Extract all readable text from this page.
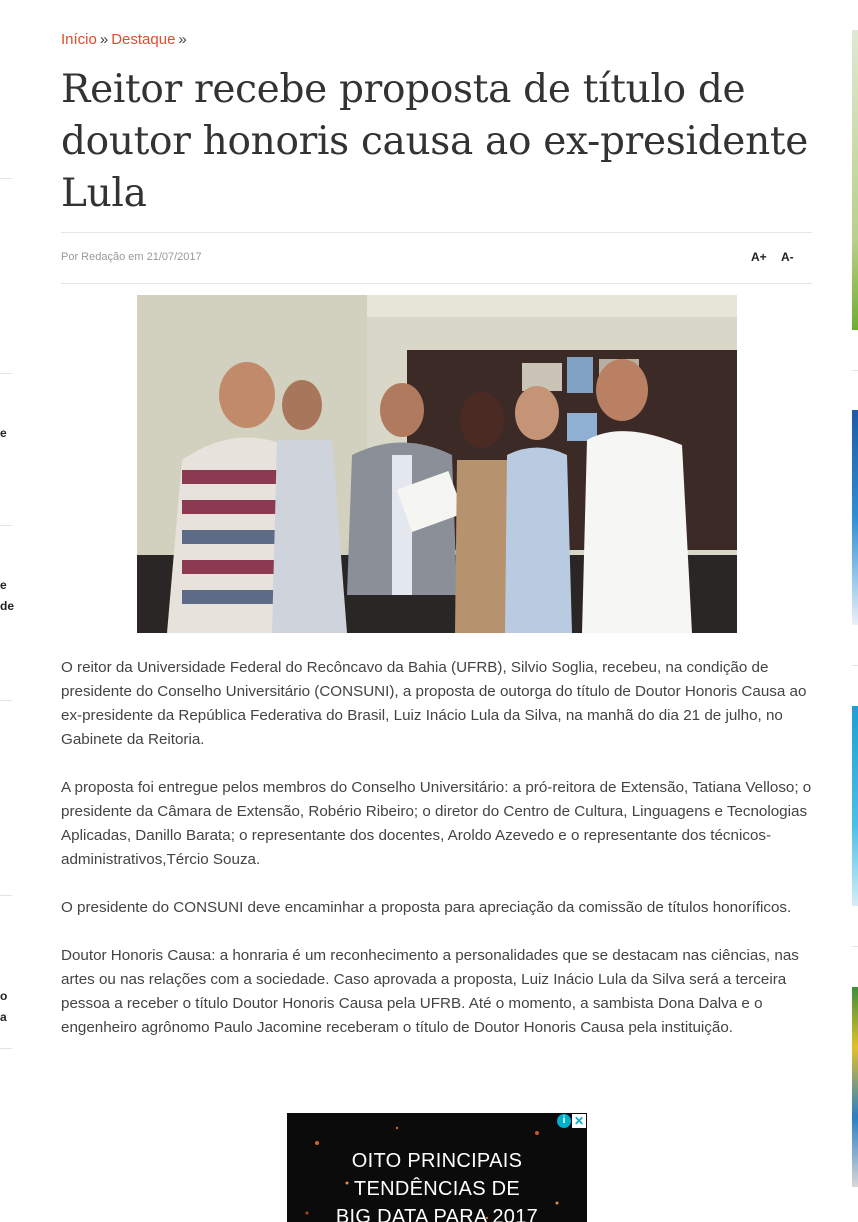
e
e
de
o
a
Início » Destaque »
Reitor recebe proposta de título de doutor honoris causa ao ex-presidente Lula
Por Redação em 21/07/2017	A+ A-

O reitor da Universidade Federal do Recôncavo da Bahia (UFRB), Silvio Soglia, recebeu, na condição de presidente do Conselho Universitário (CONSUNI), a proposta de outorga do título de Doutor Honoris Causa ao ex-presidente da República Federativa do Brasil, Luiz Inácio Lula da Silva, na manhã do dia 21 de julho, no Gabinete da Reitoria.

A proposta foi entregue pelos membros do Conselho Universitário: a pró-reitora de Extensão, Tatiana Velloso; o presidente da Câmara de Extensão, Robério Ribeiro; o diretor do Centro de Cultura, Linguagens e Tecnologias Aplicadas, Danillo Barata; o representante dos docentes, Aroldo Azevedo e o representante dos técnicos-administrativos,Tércio Souza.

O presidente do CONSUNI deve encaminhar a proposta para apreciação da comissão de títulos honoríficos.

Doutor Honoris Causa: a honraria é um reconhecimento a personalidades que se destacam nas ciências, nas artes ou nas relações com a sociedade. Caso aprovada a proposta, Luiz Inácio Lula da Silva será a terceira pessoa a receber o título Doutor Honoris Causa pela UFRB. Até o momento, a sambista Dona Dalva e o engenheiro agrônomo Paulo Jacomine receberam o título de Doutor Honoris Causa pela instituição.

OITO PRINCIPAIS
TENDÊNCIAS DE
BIG DATA PARA 2017
i ✕
